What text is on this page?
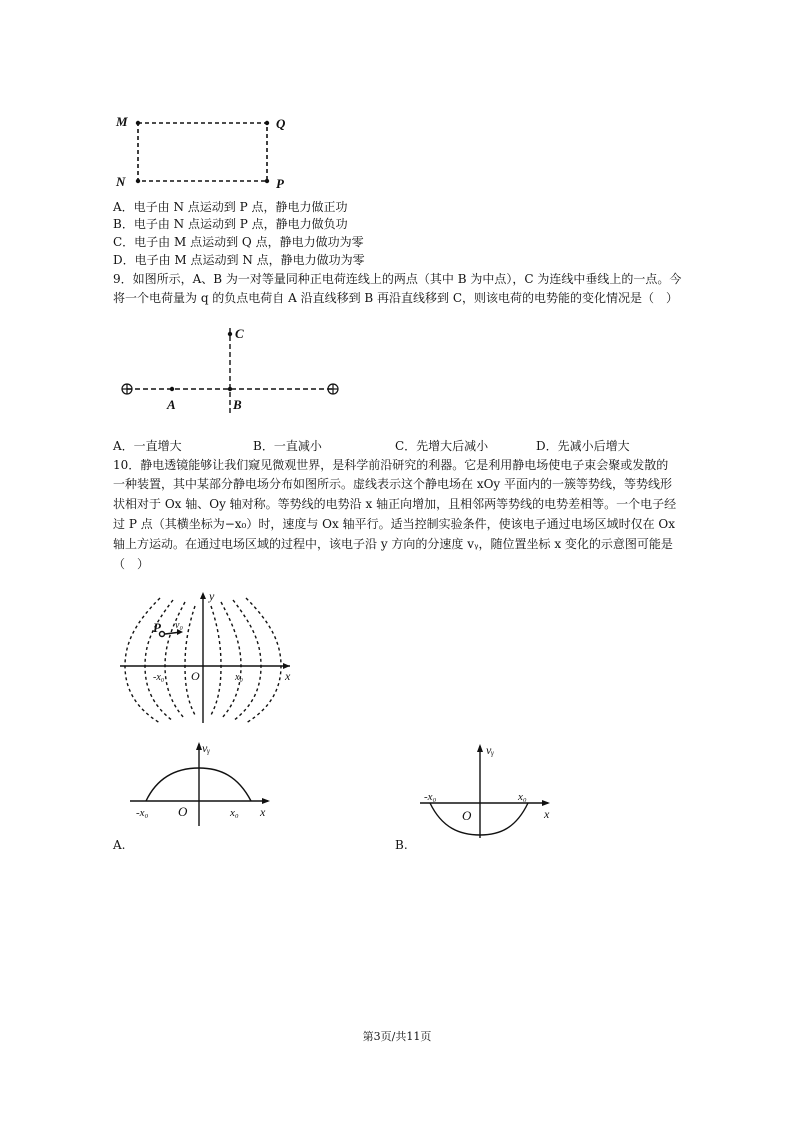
M	Q
N	P
A．电子由 N 点运动到 P 点，静电力做正功
B．电子由 N 点运动到 P 点，静电力做负功
C．电子由 M 点运动到 Q 点，静电力做功为零
D．电子由 M 点运动到 N 点，静电力做功为零
9．如图所示，A、B 为一对等量同种正电荷连线上的两点（其中 B 为中点），C 为连线中垂线上的一点。今
将一个电荷量为 q 的负点电荷自 A 沿直线移到 B 再沿直线移到 C，则该电荷的电势能的变化情况是（　）
C
A	B
A．一直增大	B．一直减小	C．先增大后减小	D．先减小后增大
10．静电透镜能够让我们窥见微观世界，是科学前沿研究的利器。它是利用静电场使电子束会聚或发散的
一种装置，其中某部分静电场分布如图所示。虚线表示这个静电场在 xOy 平面内的一簇等势线，等势线形
状相对于 Ox 轴、Oy 轴对称。等势线的电势沿 x 轴正向增加，且相邻两等势线的电势差相等。一个电子经
过 P 点（其横坐标为−x₀）时，速度与 Ox 轴平行。适当控制实验条件，使该电子通过电场区域时仅在 Ox
轴上方运动。在通过电场区域的过程中，该电子沿 y 方向的分速度 vᵧ，随位置坐标 x 变化的示意图可能是
（　）
y
x
O
-x₀	x₀
P v₀
vᵧ
x
O
-x₀	x₀
A.
vᵧ
x
O
-x₀	x₀
B.
第3页/共11页
